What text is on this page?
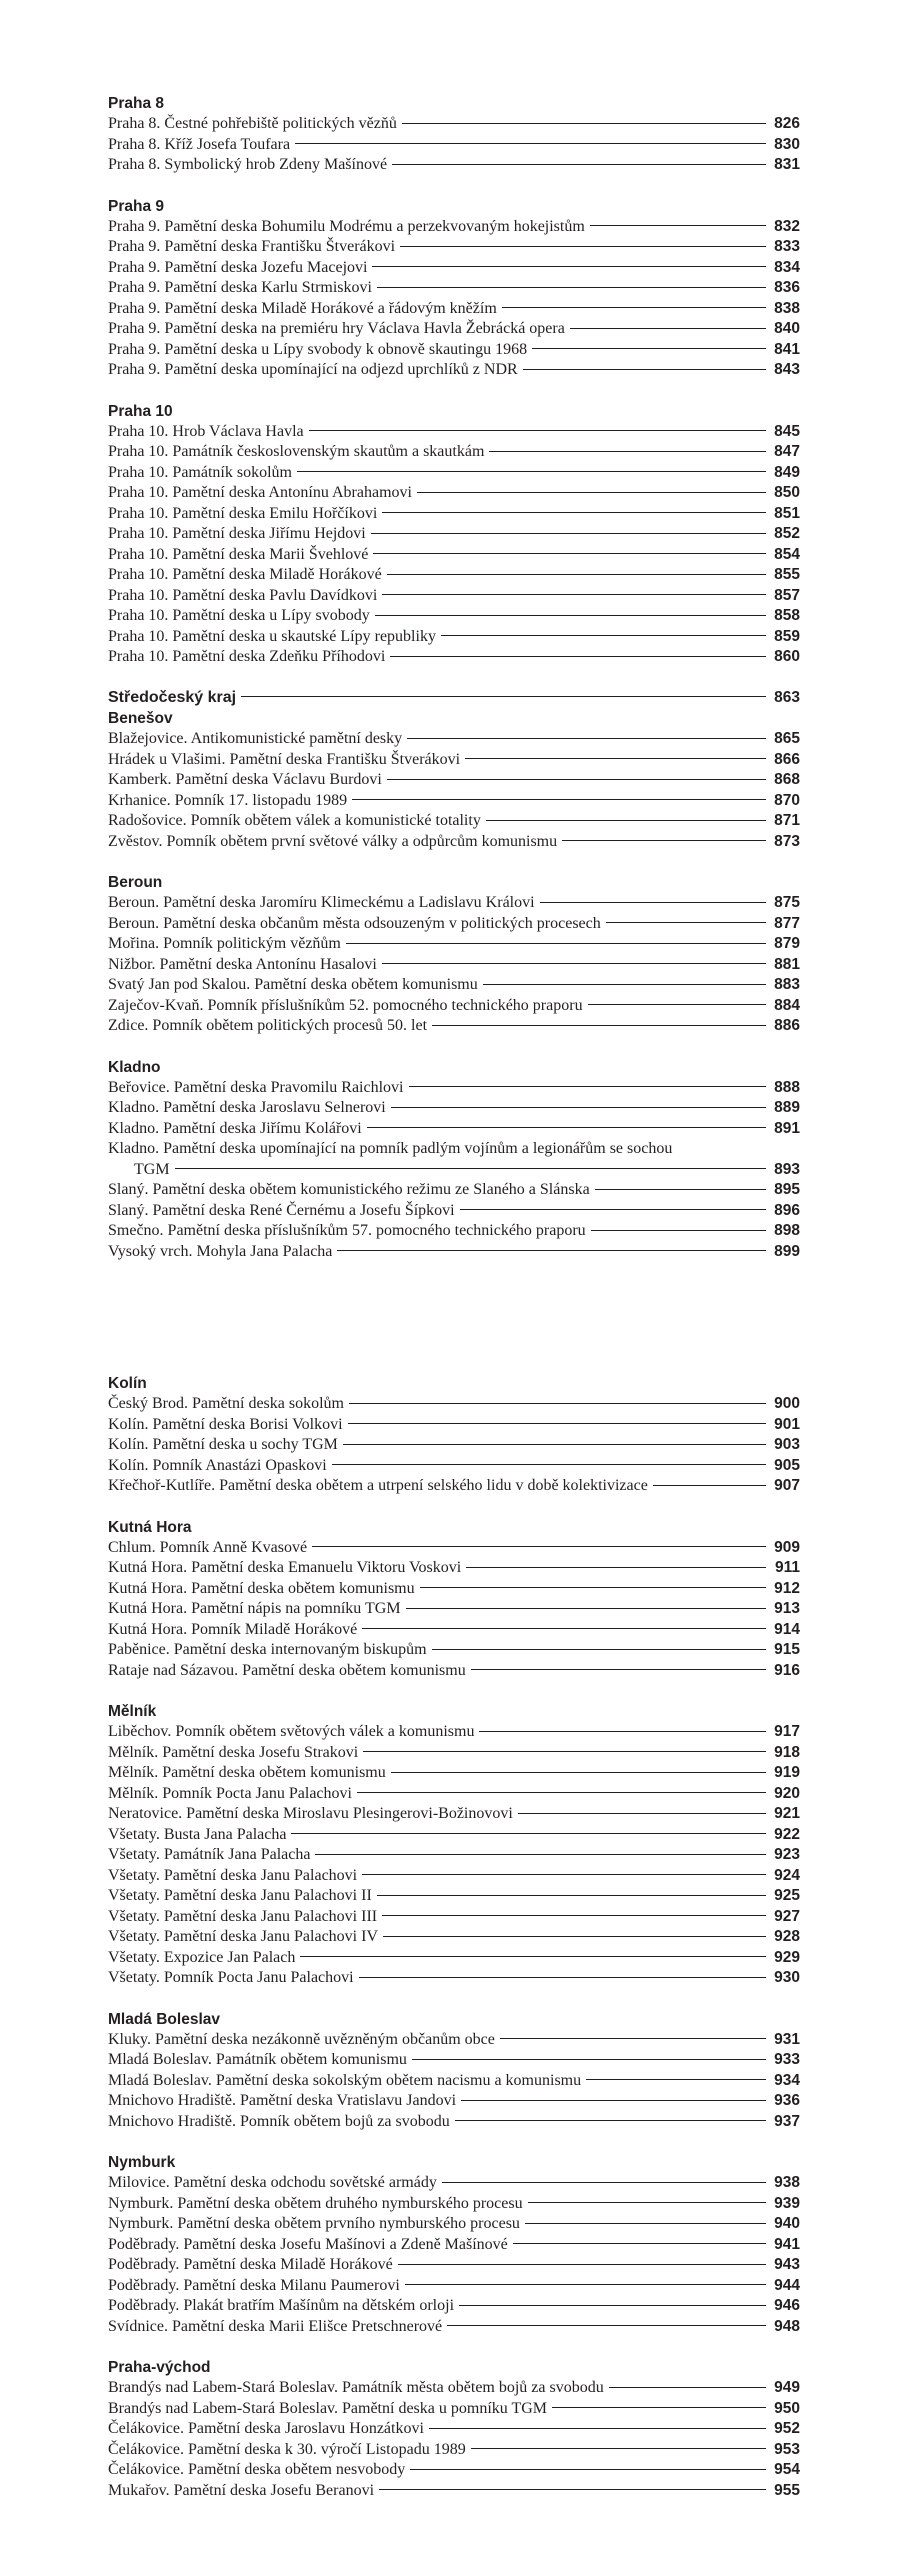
Praha 8
Praha 8. Čestné pohřebiště politických vězňů	826
Praha 8. Kříž Josefa Toufara	830
Praha 8. Symbolický hrob Zdeny Mašínové	831
Praha 9
Praha 9. Pamětní deska Bohumilu Modrému a perzekvovaným hokejistům	832
Praha 9. Pamětní deska Františku Štverákovi	833
Praha 9. Pamětní deska Jozefu Macejovi	834
Praha 9. Pamětní deska Karlu Strmiskovi	836
Praha 9. Pamětní deska Miladě Horákové a řádovým kněžím	838
Praha 9. Pamětní deska na premiéru hry Václava Havla Žebrácká opera	840
Praha 9. Pamětní deska u Lípy svobody k obnově skautingu 1968	841
Praha 9. Pamětní deska upomínající na odjezd uprchlíků z NDR	843
Praha 10
Praha 10. Hrob Václava Havla	845
Praha 10. Památník československým skautům a skautkám	847
Praha 10. Památník sokolům	849
Praha 10. Pamětní deska Antonínu Abrahamovi	850
Praha 10. Pamětní deska Emilu Hořčíkovi	851
Praha 10. Pamětní deska Jiřímu Hejdovi	852
Praha 10. Pamětní deska Marii Švehlové	854
Praha 10. Pamětní deska Miladě Horákové	855
Praha 10. Pamětní deska Pavlu Davídkovi	857
Praha 10. Pamětní deska u Lípy svobody	858
Praha 10. Pamětní deska u skautské Lípy republiky	859
Praha 10. Pamětní deska Zdeňku Příhodovi	860
Středočeský kraj	863
Benešov
Blažejovice. Antikomunistické pamětní desky	865
Hrádek u Vlašimi. Pamětní deska Františku Štverákovi	866
Kamberk. Pamětní deska Václavu Burdovi	868
Krhanice. Pomník 17. listopadu 1989	870
Radošovice. Pomník obětem válek a komunistické totality	871
Zvěstov. Pomník obětem první světové války a odpůrcům komunismu	873
Beroun
Beroun. Pamětní deska Jaromíru Klimeckému a Ladislavu Královi	875
Beroun. Pamětní deska občanům města odsouzeným v politických procesech	877
Mořina. Pomník politickým vězňům	879
Nižbor. Pamětní deska Antonínu Hasalovi	881
Svatý Jan pod Skalou. Pamětní deska obětem komunismu	883
Zaječov-Kvaň. Pomník příslušníkům 52. pomocného technického praporu	884
Zdice. Pomník obětem politických procesů 50. let	886
Kladno
Beřovice. Pamětní deska Pravomilu Raichlovi	888
Kladno. Pamětní deska Jaroslavu Selnerovi	889
Kladno. Pamětní deska Jiřímu Kolářovi	891
Kladno. Pamětní deska upomínající na pomník padlým vojínům a legionářům se sochou
TGM	893
Slaný. Pamětní deska obětem komunistického režimu ze Slaného a Slánska	895
Slaný. Pamětní deska René Černému a Josefu Šípkovi	896
Smečno. Pamětní deska příslušníkům 57. pomocného technického praporu	898
Vysoký vrch. Mohyla Jana Palacha	899
Kolín
Český Brod. Pamětní deska sokolům	900
Kolín. Pamětní deska Borisi Volkovi	901
Kolín. Pamětní deska u sochy TGM	903
Kolín. Pomník Anastázi Opaskovi	905
Křečhoř-Kutlíře. Pamětní deska obětem a utrpení selského lidu v době kolektivizace	907
Kutná Hora
Chlum. Pomník Anně Kvasové	909
Kutná Hora. Pamětní deska Emanuelu Viktoru Voskovi	911
Kutná Hora. Pamětní deska obětem komunismu	912
Kutná Hora. Pamětní nápis na pomníku TGM	913
Kutná Hora. Pomník Miladě Horákové	914
Paběnice. Pamětní deska internovaným biskupům	915
Rataje nad Sázavou. Pamětní deska obětem komunismu	916
Mělník
Liběchov. Pomník obětem světových válek a komunismu	917
Mělník. Pamětní deska Josefu Strakovi	918
Mělník. Pamětní deska obětem komunismu	919
Mělník. Pomník Pocta Janu Palachovi	920
Neratovice. Pamětní deska Miroslavu Plesingerovi-Božinovovi	921
Všetaty. Busta Jana Palacha	922
Všetaty. Památník Jana Palacha	923
Všetaty. Pamětní deska Janu Palachovi	924
Všetaty. Pamětní deska Janu Palachovi II	925
Všetaty. Pamětní deska Janu Palachovi III	927
Všetaty. Pamětní deska Janu Palachovi IV	928
Všetaty. Expozice Jan Palach	929
Všetaty. Pomník Pocta Janu Palachovi	930
Mladá Boleslav
Kluky. Pamětní deska nezákonně uvězněným občanům obce	931
Mladá Boleslav. Památník obětem komunismu	933
Mladá Boleslav. Pamětní deska sokolským obětem nacismu a komunismu	934
Mnichovo Hradiště. Pamětní deska Vratislavu Jandovi	936
Mnichovo Hradiště. Pomník obětem bojů za svobodu	937
Nymburk
Milovice. Pamětní deska odchodu sovětské armády	938
Nymburk. Pamětní deska obětem druhého nymburského procesu	939
Nymburk. Pamětní deska obětem prvního nymburského procesu	940
Poděbrady. Pamětní deska Josefu Mašínovi a Zdeně Mašínové	941
Poděbrady. Pamětní deska Miladě Horákové	943
Poděbrady. Pamětní deska Milanu Paumerovi	944
Poděbrady. Plakát bratřím Mašínům na dětském orloji	946
Svídnice. Pamětní deska Marii Elišce Pretschnerové	948
Praha-východ
Brandýs nad Labem-Stará Boleslav. Památník města obětem bojů za svobodu	949
Brandýs nad Labem-Stará Boleslav. Pamětní deska u pomníku TGM	950
Čelákovice. Pamětní deska Jaroslavu Honzátkovi	952
Čelákovice. Pamětní deska k 30. výročí Listopadu 1989	953
Čelákovice. Pamětní deska obětem nesvobody	954
Mukařov. Pamětní deska Josefu Beranovi	955
